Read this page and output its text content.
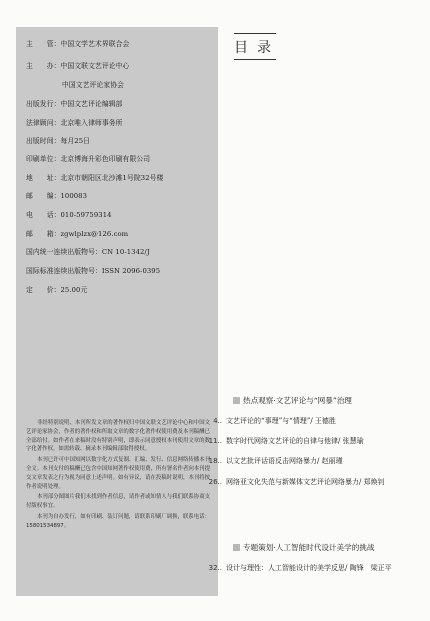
主　　管：中国文学艺术界联合会
主　　办：中国文联文艺评论中心
中国文艺评论家协会
出版发行：中国文艺评论编辑部
法律顾问：北京唯入律师事务所
出版时间：每月25日
印刷单位：北京博海升彩色印刷有限公司
地　　址：北京市朝阳区北沙滩1号院32号楼
邮　　编：100083
电　　话：010-59759314
邮　　箱：zgwlplzx@126.com
国内统一连续出版物号：CN 10-1342/J
国际标准连续出版物号：ISSN 2096-0395
定　　价：25.00元

非经特别说明，本刊所发文章的著作权归中国文联文艺评论中心和中国文艺评论家协会，作者的著作权和所取文章的数字化著作权使用费及本刊稿酬已全部给付。如作者在来稿时没有特别声明，即表示同意授权本刊使用文章的数字化著作权。如需转载、摘录本刊编辑部取得授权。

本刊已许可中国知网以数字化方式复制、汇编、发行、信息网络传播本刊全文。本刊支付的稿酬已包含中国知网著作权使用费，所有署名作者向本刊提交文章发表之行为视为同意上述声明。如有异议，请在投稿时说明，本刊将按作者说明处理。

本刊部分图图片我们未找到作者信息，请作者或知情人与我们联系协商支付版权事宜。

本刊为自办发行，如有印刷、装订问题，请联系印刷厂调换，联系电话：15801534897。

目录
热点观察·文艺评论与“网暴”治理
4.. 文艺评论的“事理”与“情理”/ 王德胜
11.. 数字时代网络文艺评论的自律与他律/ 张慧瑜
18.. 以文艺批评话语反击网络暴力/ 赵丽瑾
26.. 网络亚文化失范与新媒体文艺评论网络暴力/ 郑焕钊
专题策划·人工智能时代设计美学的挑战
32.. 设计与理性：人工智能设计的美学反思/ 陶锋　梁正平
